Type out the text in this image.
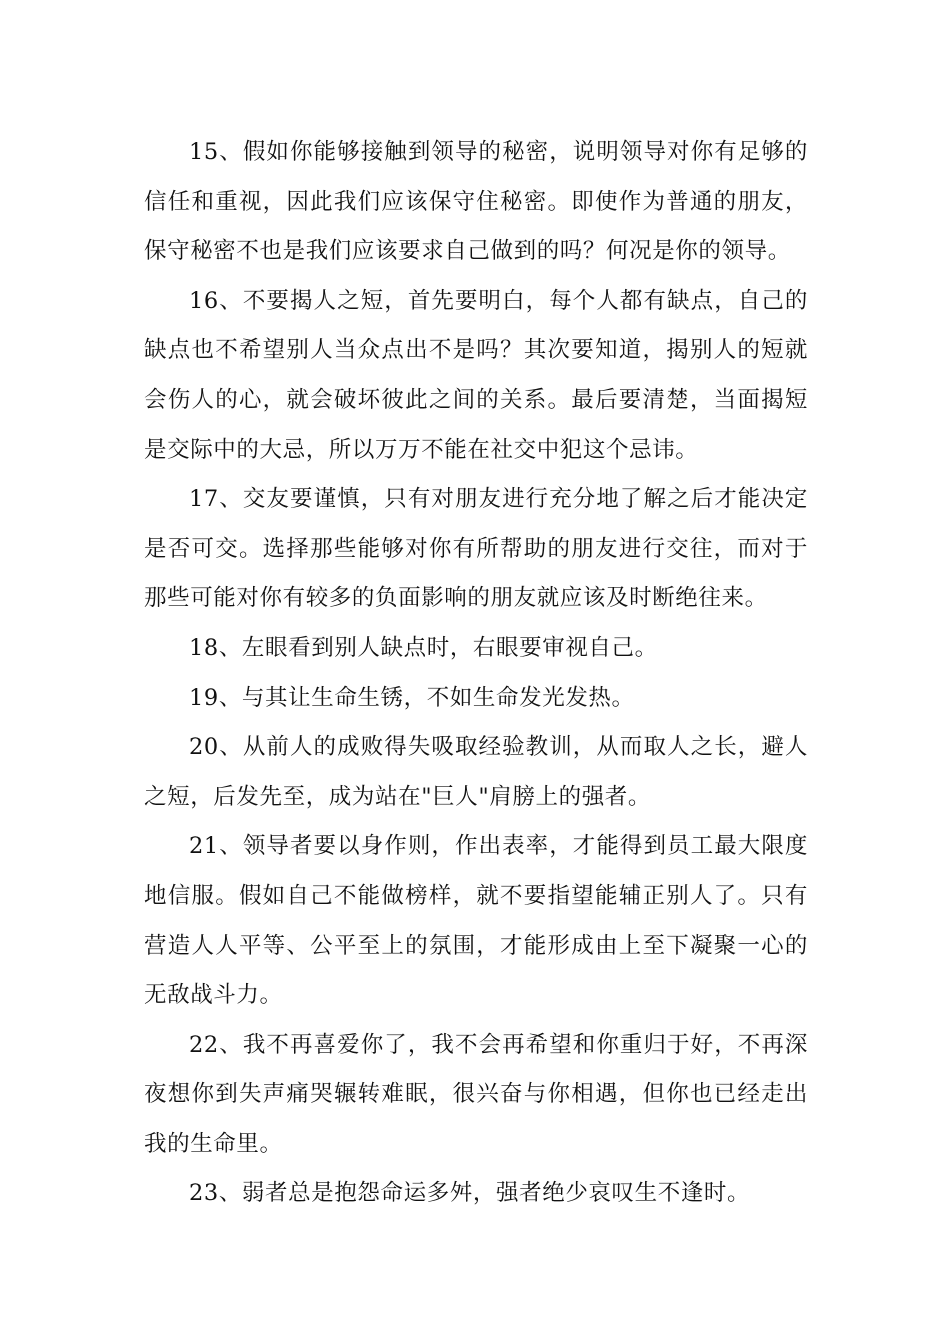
15、假如你能够接触到领导的秘密，说明领导对你有足够的信任和重视，因此我们应该保守住秘密。即使作为普通的朋友，保守秘密不也是我们应该要求自己做到的吗？何况是你的领导。

16、不要揭人之短，首先要明白，每个人都有缺点，自己的缺点也不希望别人当众点出不是吗？其次要知道，揭别人的短就会伤人的心，就会破坏彼此之间的关系。最后要清楚，当面揭短是交际中的大忌，所以万万不能在社交中犯这个忌讳。

17、交友要谨慎，只有对朋友进行充分地了解之后才能决定是否可交。选择那些能够对你有所帮助的朋友进行交往，而对于那些可能对你有较多的负面影响的朋友就应该及时断绝往来。

18、左眼看到别人缺点时，右眼要审视自己。

19、与其让生命生锈，不如生命发光发热。

20、从前人的成败得失吸取经验教训，从而取人之长，避人之短，后发先至，成为站在"巨人"肩膀上的强者。

21、领导者要以身作则，作出表率，才能得到员工最大限度地信服。假如自己不能做榜样，就不要指望能辅正别人了。只有营造人人平等、公平至上的氛围，才能形成由上至下凝聚一心的无敌战斗力。

22、我不再喜爱你了，我不会再希望和你重归于好，不再深夜想你到失声痛哭辗转难眠，很兴奋与你相遇，但你也已经走出我的生命里。

23、弱者总是抱怨命运多舛，强者绝少哀叹生不逢时。
